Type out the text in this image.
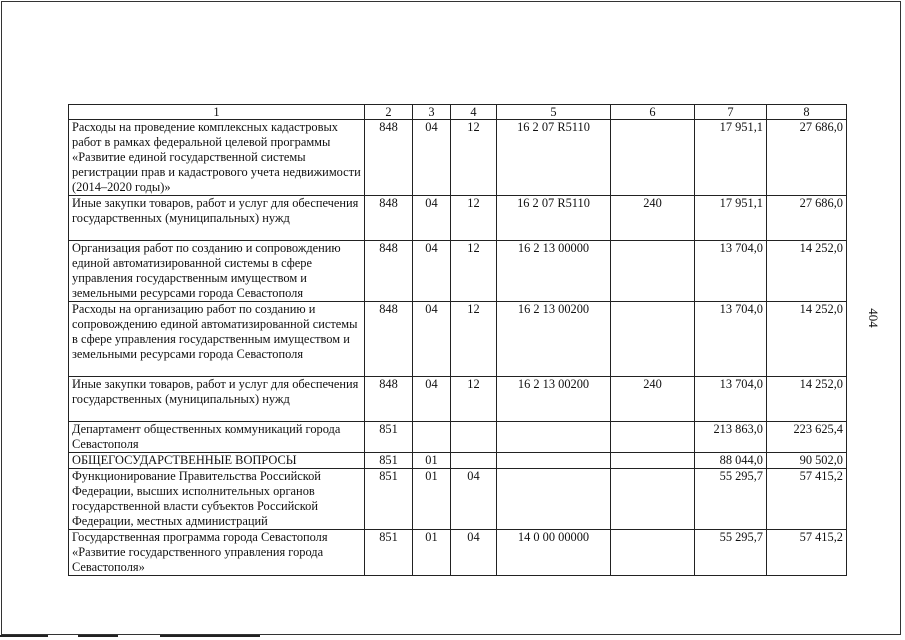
404
1	2	3	4	5	6	7	8
Расходы на проведение комплексных кадастровых работ в рамках федеральной целевой программы «Развитие единой государственной системы регистрации прав и кадастрового учета недвижимости (2014–2020 годы)»	848	04	12	16 2 07 R5110		17 951,1	27 686,0
Иные закупки товаров, работ и услуг для обеспечения государственных (муниципальных) нужд	848	04	12	16 2 07 R5110	240	17 951,1	27 686,0
Организация работ по созданию и сопровождению единой автоматизированной системы в сфере управления государственным имуществом и земельными ресурсами города Севастополя	848	04	12	16 2 13 00000		13 704,0	14 252,0
Расходы на организацию работ по созданию и сопровождению единой автоматизированной системы в сфере управления государственным имуществом и земельными ресурсами города Севастополя	848	04	12	16 2 13 00200		13 704,0	14 252,0
Иные закупки товаров, работ и услуг для обеспечения государственных (муниципальных) нужд	848	04	12	16 2 13 00200	240	13 704,0	14 252,0
Департамент общественных коммуникаций города Севастополя	851					213 863,0	223 625,4
ОБЩЕГОСУДАРСТВЕННЫЕ ВОПРОСЫ	851	01				88 044,0	90 502,0
Функционирование Правительства Российской Федерации, высших исполнительных органов государственной власти субъектов Российской Федерации, местных администраций	851	01	04			55 295,7	57 415,2
Государственная программа города Севастополя «Развитие государственного управления города Севастополя»	851	01	04	14 0 00 00000		55 295,7	57 415,2
